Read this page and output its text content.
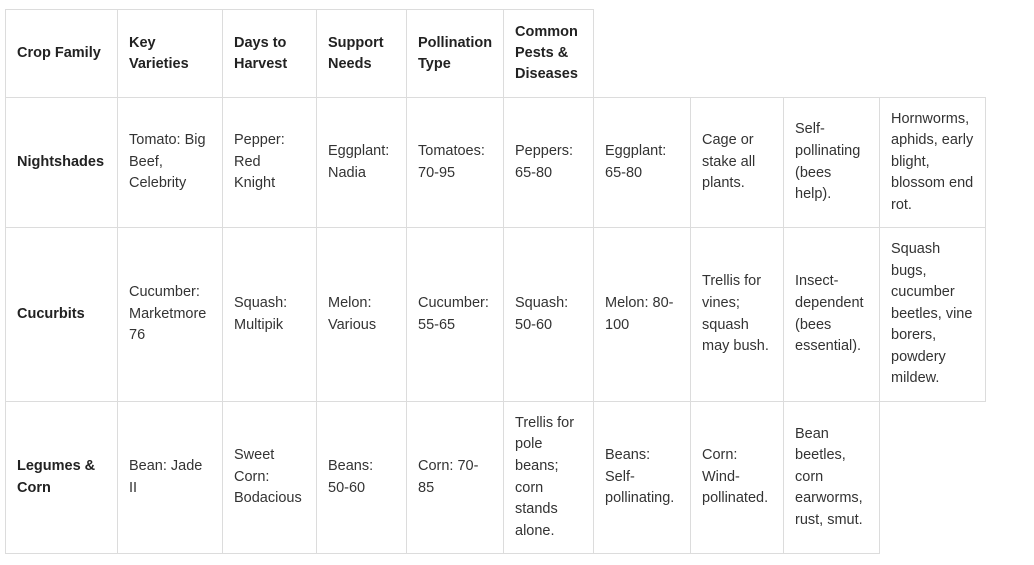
Crop Family
Key Varieties
Days to Harvest
Support Needs
Pollination Type
Common Pests & Diseases
Nightshades
Tomato: Big Beef, Celebrity
Pepper: Red Knight
Eggplant: Nadia
Tomatoes: 70-95
Peppers: 65-80
Eggplant: 65-80
Cage or stake all plants.
Self-pollinating (bees help).
Hornworms, aphids, early blight, blossom end rot.
Cucurbits
Cucumber: Marketmore 76
Squash: Multipik
Melon: Various
Cucumber: 55-65
Squash: 50-60
Melon: 80-100
Trellis for vines; squash may bush.
Insect-dependent (bees essential).
Squash bugs, cucumber beetles, vine borers, powdery mildew.
Legumes & Corn
Bean: Jade II
Sweet Corn: Bodacious
Beans: 50-60
Corn: 70-85
Trellis for pole beans; corn stands alone.
Beans: Self-pollinating.
Corn: Wind-pollinated.
Bean beetles, corn earworms, rust, smut.
